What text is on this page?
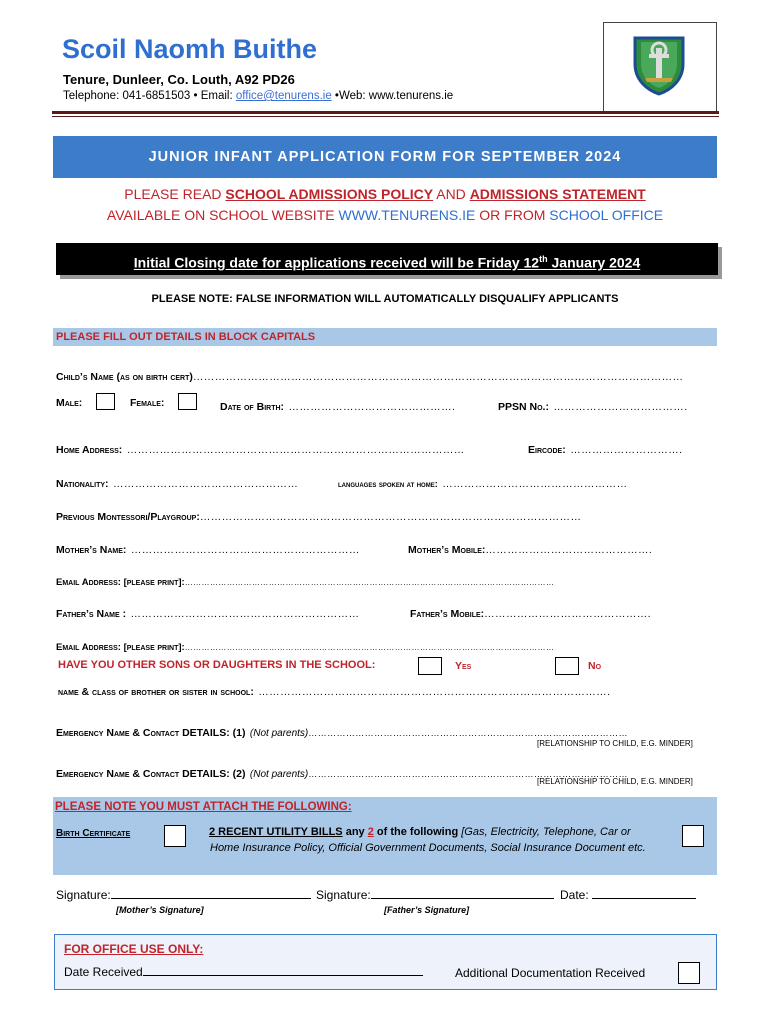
Scoil Naomh Buithe
Tenure, Dunleer, Co. Louth, A92 PD26
Telephone: 041-6851503 • Email: office@tenurens.ie •Web: www.tenurens.ie
JUNIOR INFANT APPLICATION FORM FOR SEPTEMBER 2024
PLEASE READ SCHOOL ADMISSIONS POLICY AND ADMISSIONS STATEMENT
AVAILABLE ON SCHOOL WEBSITE WWW.TENURENS.IE OR FROM SCHOOL OFFICE
Initial Closing date for applications received will be Friday 12th January 2024
PLEASE NOTE: FALSE INFORMATION WILL AUTOMATICALLY DISQUALIFY APPLICANTS
PLEASE FILL OUT DETAILS IN BLOCK CAPITALS
Child’s Name (as on birth cert)………………………………………………………………………………………………………………………
Male:	Female:	Date of Birth: ……………………………………….	PPSN No.: ……………………………….
Home Address: …………………………………………………………………………………	Eircode: ………………………….
Nationality: ……………………………………………	languages spoken at home: ……………………………………………
Previous Montessori/Playgroup:……………………………………………………………………………………………
Mother’s Name: ………………………………………………………	Mother’s Mobile:……………………………………….
Email Address: [please print]:……………………………………………………………………………………………………………………
Father’s Name : ………………………………………………………	Father’s Mobile:……………………………………….
Email Address: [please print]:……………………………………………………………………………………………………………………
HAVE YOU OTHER SONS OR DAUGHTERS IN THE SCHOOL:	Yes	No
name & class of brother or sister in school: …………………………………………………………………………………….
Emergency Name & Contact DETAILS: (1) (Not parents)…………………………………………………………………………………………
[RELATIONSHIP TO CHILD, E.G. MINDER]
Emergency Name & Contact DETAILS: (2) (Not parents)…………………………………………………………………………………………
[RELATIONSHIP TO CHILD, E.G. MINDER]
PLEASE NOTE YOU MUST ATTACH THE FOLLOWING:
Birth Certificate	2 RECENT UTILITY BILLS any 2 of the following [Gas, Electricity, Telephone, Car or
Home Insurance Policy, Official Government Documents, Social Insurance Document etc.
Signature:	Signature:	Date:
[Mother’s Signature]	[Father’s Signature]
FOR OFFICE USE ONLY:
Date Received	Additional Documentation Received
